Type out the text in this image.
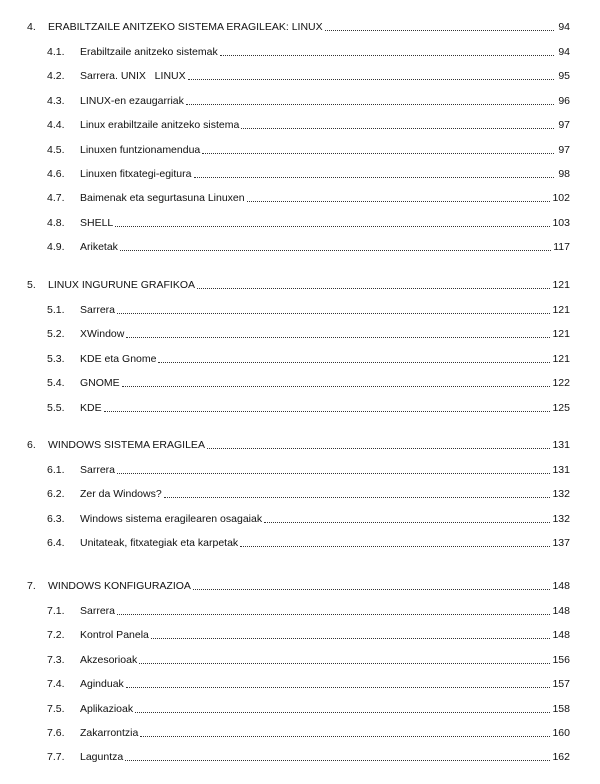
4. ERABILTZAILE ANITZEKO SISTEMA ERAGILEAK: LINUX	94
4.1. Erabiltzaile anitzeko sistemak	94
4.2. Sarrera. UNIX   LINUX	95
4.3. LINUX-en ezaugarriak	96
4.4. Linux erabiltzaile anitzeko sistema	97
4.5. Linuxen funtzionamendua	97
4.6. Linuxen fitxategi-egitura	98
4.7. Baimenak eta segurtasuna Linuxen	102
4.8. SHELL	103
4.9. Ariketak	117
5. LINUX INGURUNE GRAFIKOA	121
5.1. Sarrera	121
5.2. XWindow	121
5.3. KDE eta Gnome	121
5.4. GNOME	122
5.5. KDE	125
6. WINDOWS SISTEMA ERAGILEA	131
6.1. Sarrera	131
6.2. Zer da Windows?	132
6.3. Windows sistema eragilearen osagaiak	132
6.4. Unitateak, fitxategiak eta karpetak	137
7. WINDOWS KONFIGURAZIOA	148
7.1. Sarrera	148
7.2. Kontrol Panela	148
7.3. Akzesorioak	156
7.4. Aginduak	157
7.5. Aplikazioak	158
7.6. Zakarrontzia	160
7.7. Laguntza	162
